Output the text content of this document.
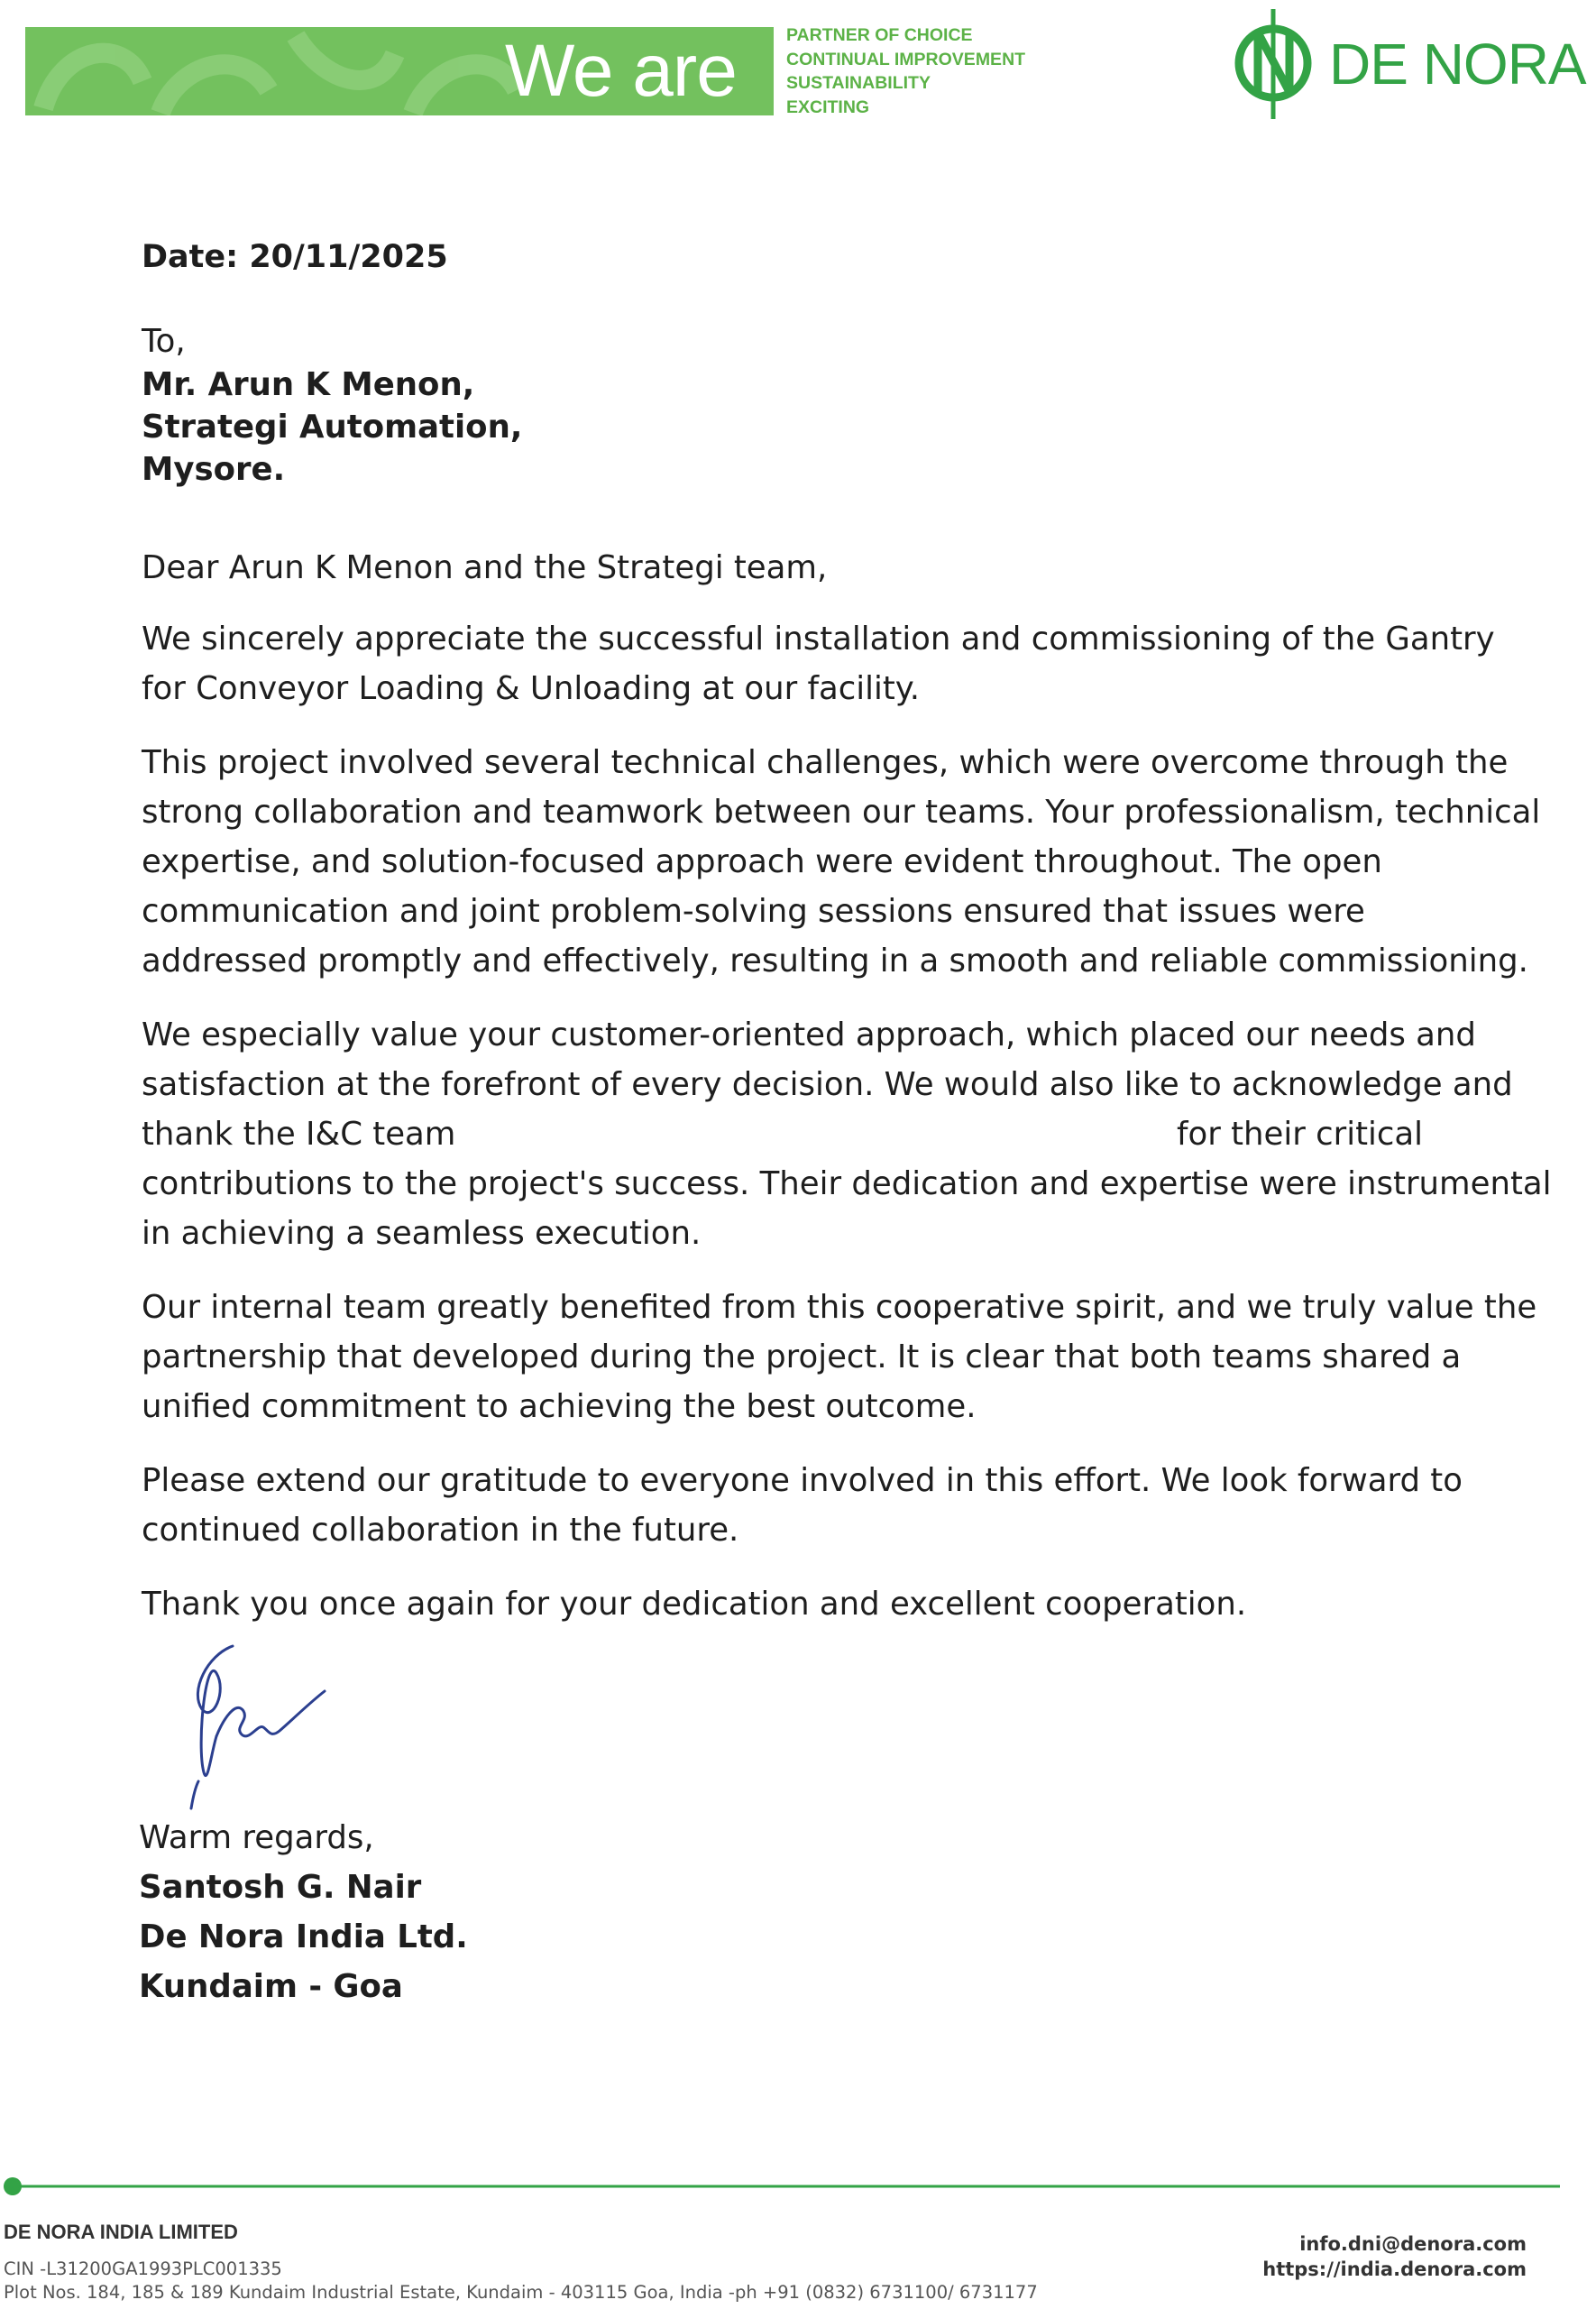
We are	PARTNER OF CHOICE
CONTINUAL IMPROVEMENT
SUSTAINABILITY
EXCITING
DE NORA
Date: 20/11/2025
To,
Mr. Arun K Menon,
Strategi Automation,
Mysore.
Dear Arun K Menon and the Strategi team,
We sincerely appreciate the successful installation and commissioning of the Gantry
for Conveyor Loading & Unloading at our facility.
This project involved several technical challenges, which were overcome through the
strong collaboration and teamwork between our teams. Your professionalism, technical
expertise, and solution-focused approach were evident throughout. The open
communication and joint problem-solving sessions ensured that issues were
addressed promptly and effectively, resulting in a smooth and reliable commissioning.
We especially value your customer-oriented approach, which placed our needs and
satisfaction at the forefront of every decision. We would also like to acknowledge and
thank the I&C team	for their critical
contributions to the project's success. Their dedication and expertise were instrumental
in achieving a seamless execution.
Our internal team greatly benefited from this cooperative spirit, and we truly value the
partnership that developed during the project. It is clear that both teams shared a
unified commitment to achieving the best outcome.
Please extend our gratitude to everyone involved in this effort. We look forward to
continued collaboration in the future.
Thank you once again for your dedication and excellent cooperation.
Warm regards,
Santosh G. Nair
De Nora India Ltd.
Kundaim - Goa
DE NORA INDIA LIMITED
CIN -L31200GA1993PLC001335
Plot Nos. 184, 185 & 189 Kundaim Industrial Estate, Kundaim - 403115 Goa, India -ph +91 (0832) 6731100/ 6731177
info.dni@denora.com
https://india.denora.com
